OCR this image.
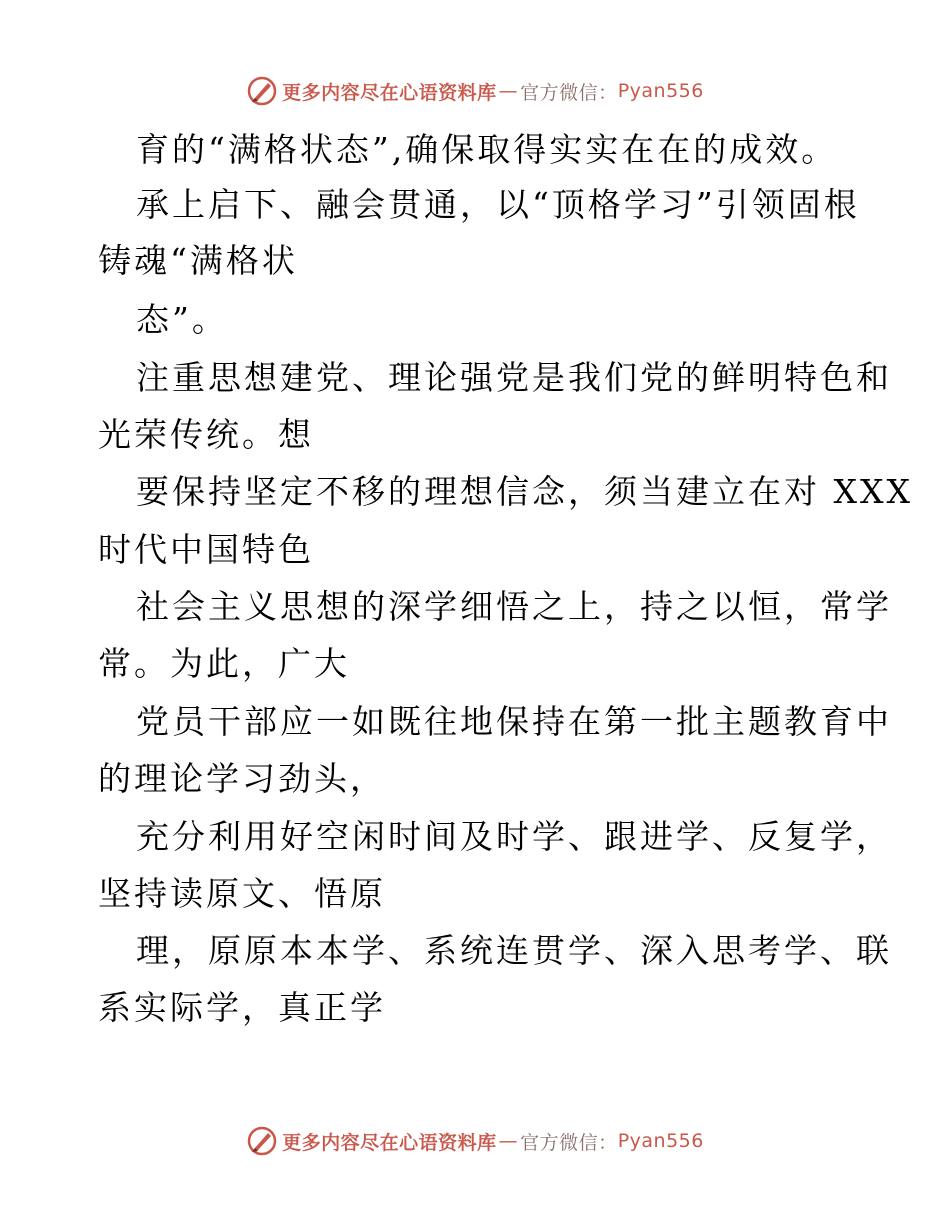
更多内容尽在心语资料库 — 官方微信： Pyan556
育的“满格状态”,确保取得实实在在的成效。
承上启下、融会贯通，以“顶格学习”引领固根
铸魂“满格状
态”。
注重思想建党、理论强党是我们党的鲜明特色和
光荣传统。想
要保持坚定不移的理想信念，须当建立在对 XXX
时代中国特色
社会主义思想的深学细悟之上，持之以恒，常学
常。为此，广大
党员干部应一如既往地保持在第一批主题教育中
的理论学习劲头，
充分利用好空闲时间及时学、跟进学、反复学，
坚持读原文、悟原
理，原原本本学、系统连贯学、深入思考学、联
系实际学，真正学
更多内容尽在心语资料库 — 官方微信： Pyan556
